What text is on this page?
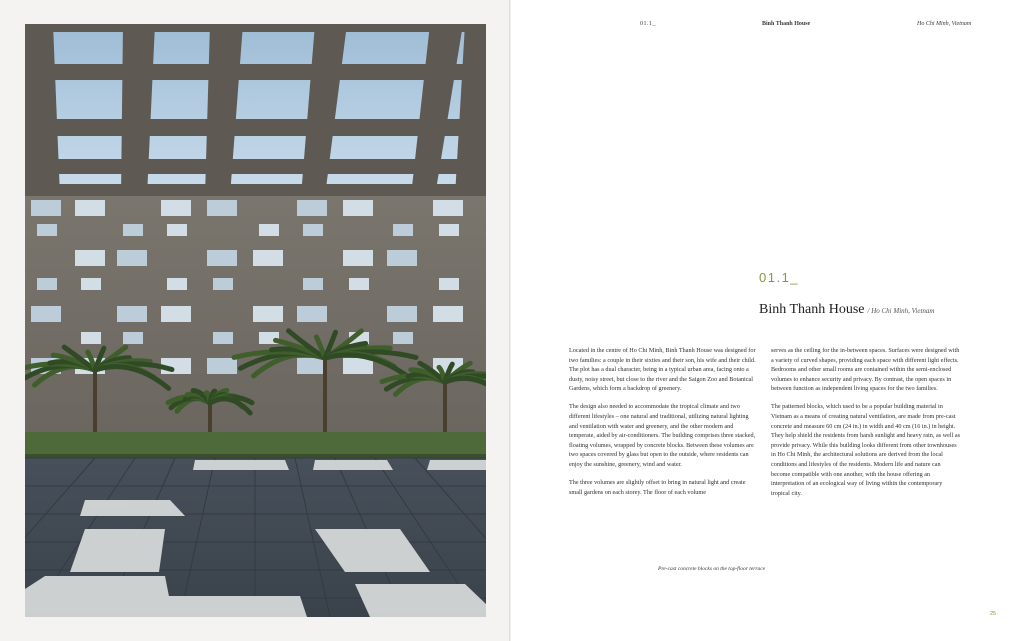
01.1_	Binh Thanh House	Ho Chi Minh, Vietnam
01.1_
Binh Thanh House / Ho Chi Minh, Vietnam

Located in the centre of Ho Chi Minh, Binh Thanh House was designed for two families: a couple in their sixties and their son, his wife and their child. The plot has a dual character, being in a typical urban area, facing onto a dusty, noisy street, but close to the river and the Saigon Zoo and Botanical Gardens, which form a backdrop of greenery.

The design also needed to accommodate the tropical climate and two different lifestyles – one natural and traditional, utilizing natural lighting and ventilation with water and greenery, and the other modern and temperate, aided by air-conditioners. The building comprises three stacked, floating volumes, wrapped by concrete blocks. Between these volumes are two spaces covered by glass but open to the outside, where residents can enjoy the sunshine, greenery, wind and water.

The three volumes are slightly offset to bring in natural light and create small gardens on each storey. The floor of each volume

serves as the ceiling for the in-between spaces. Surfaces were designed with a variety of curved shapes, providing each space with different light effects. Bedrooms and other small rooms are contained within the semi-enclosed volumes to enhance security and privacy. By contrast, the open spaces in between function as independent living spaces for the two families.

The patterned blocks, which used to be a popular building material in Vietnam as a means of creating natural ventilation, are made from pre-cast concrete and measure 60 cm (24 in.) in width and 40 cm (16 in.) in height. They help shield the residents from harsh sunlight and heavy rain, as well as provide privacy. While this building looks different from other townhouses in Ho Chi Minh, the architectural solutions are derived from the local conditions and lifestyles of the residents. Modern life and nature can become compatible with one another, with the house offering an interpretation of an ecological way of living within the contemporary tropical city.

Pre-cast concrete blocks on the top-floor terrace
25
